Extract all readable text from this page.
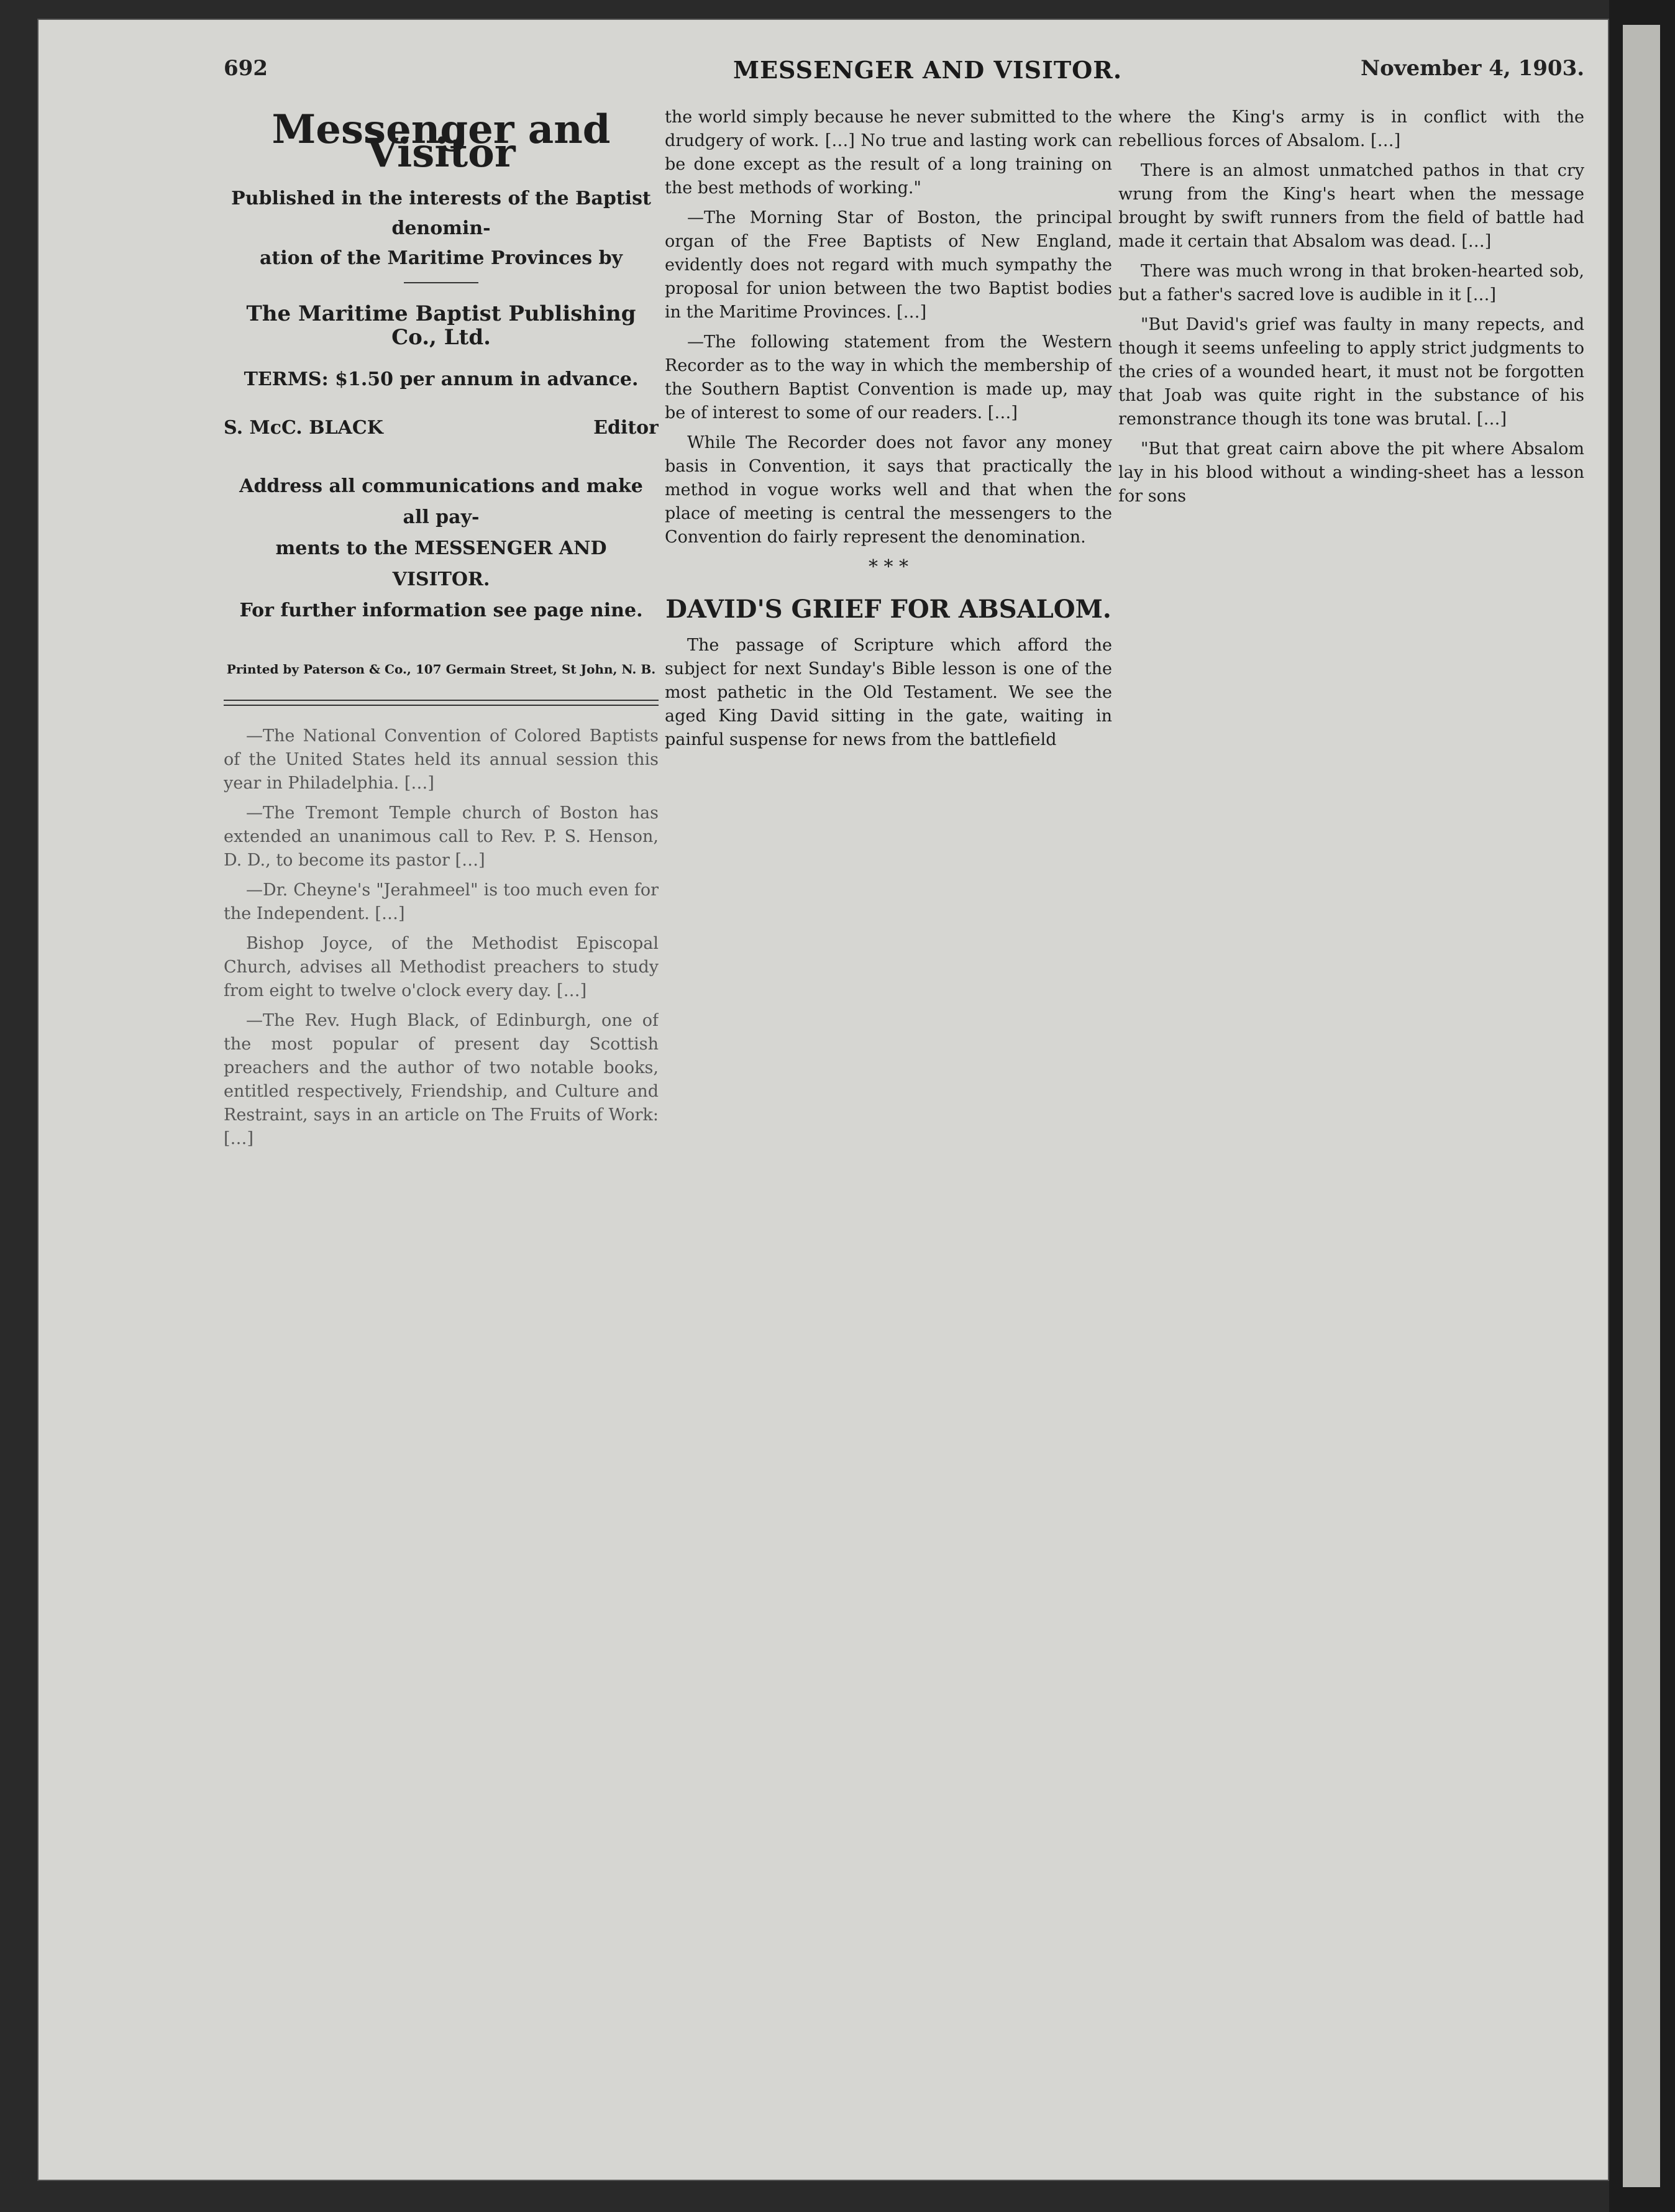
692	MESSENGER AND VISITOR.	November 4, 1903.
Messenger and Visitor
Published in the interests of the Baptist denomin-
ation of the Maritime Provinces by
The Maritime Baptist Publishing Co., Ltd.
TERMS: $1.50 per annum in advance.
S. McC. BLACK	Editor
Address all communications and make all pay-
ments to the MESSENGER AND VISITOR.
For further information see page nine.
Printed by Paterson & Co., 107 Germain Street, St John, N. B.

—The National Convention of Colored Baptists of the United States held its annual session this year in Philadelphia. […]

—The Tremont Temple church of Boston has extended an unanimous call to Rev. P. S. Henson, D. D., to become its pastor […]

—Dr. Cheyne's "Jerahmeel" is too much even for the Independent. […]

Bishop Joyce, of the Methodist Episcopal Church, advises all Methodist preachers to study from eight to twelve o'clock every day. […]

—The Rev. Hugh Black, of Edinburgh, one of the most popular of present day Scottish preachers and the author of two notable books, entitled respectively, Friendship, and Culture and Restraint, says in an article on The Fruits of Work: […]

the world simply because he never submitted to the drudgery of work. […] No true and lasting work can be done except as the result of a long training on the best methods of working."

—The Morning Star of Boston, the principal organ of the Free Baptists of New England, evidently does not regard with much sympathy the proposal for union between the two Baptist bodies in the Maritime Provinces. […]

—The following statement from the Western Recorder as to the way in which the membership of the Southern Baptist Convention is made up, may be of interest to some of our readers. […]

While The Recorder does not favor any money basis in Convention, it says that practically the method in vogue works well and that when the place of meeting is central the messengers to the Convention do fairly represent the denomination.

* * *
DAVID'S GRIEF FOR ABSALOM.

The passage of Scripture which afford the subject for next Sunday's Bible lesson is one of the most pathetic in the Old Testament. We see the aged King David sitting in the gate, waiting in painful suspense for news from the battlefield

where the King's army is in conflict with the rebellious forces of Absalom. […]

There is an almost unmatched pathos in that cry wrung from the King's heart when the message brought by swift runners from the field of battle had made it certain that Absalom was dead. […]

There was much wrong in that broken-hearted sob, but a father's sacred love is audible in it […]

"But David's grief was faulty in many repects, and though it seems unfeeling to apply strict judgments to the cries of a wounded heart, it must not be forgotten that Joab was quite right in the substance of his remonstrance though its tone was brutal. […]

"But that great cairn above the pit where Absalom lay in his blood without a winding-sheet has a lesson for sons
